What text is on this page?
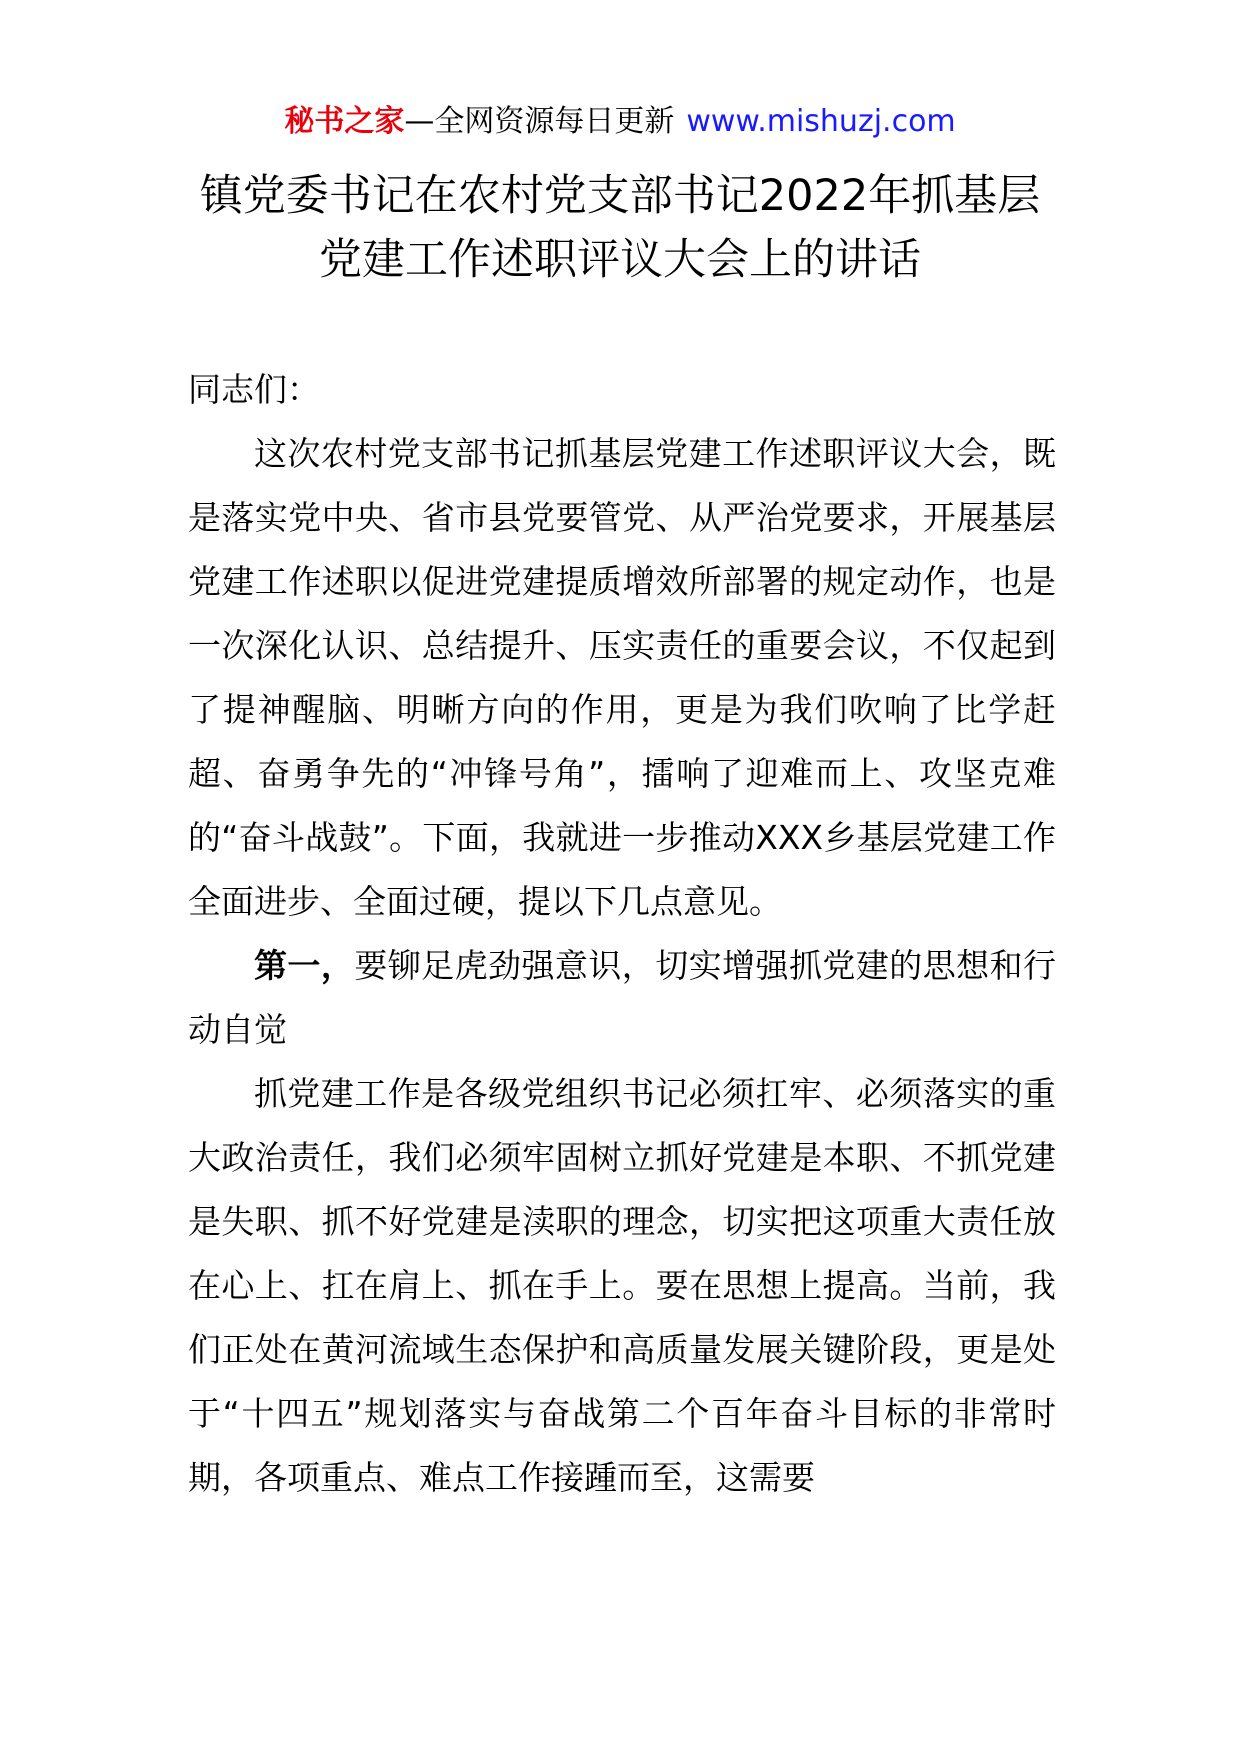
秘书之家—全网资源每日更新 www.mishuzj.com
镇党委书记在农村党支部书记2022年抓基层党建工作述职评议大会上的讲话

同志们：

这次农村党支部书记抓基层党建工作述职评议大会，既是落实党中央、省市县党要管党、从严治党要求，开展基层党建工作述职以促进党建提质增效所部署的规定动作，也是一次深化认识、总结提升、压实责任的重要会议，不仅起到了提神醒脑、明晰方向的作用，更是为我们吹响了比学赶超、奋勇争先的“冲锋号角”，擂响了迎难而上、攻坚克难的“奋斗战鼓”。下面，我就进一步推动XXX乡基层党建工作全面进步、全面过硬，提以下几点意见。

第一，要铆足虎劲强意识，切实增强抓党建的思想和行动自觉

抓党建工作是各级党组织书记必须扛牢、必须落实的重大政治责任，我们必须牢固树立抓好党建是本职、不抓党建是失职、抓不好党建是渎职的理念，切实把这项重大责任放在心上、扛在肩上、抓在手上。要在思想上提高。当前，我们正处在黄河流域生态保护和高质量发展关键阶段，更是处于“十四五”规划落实与奋战第二个百年奋斗目标的非常时期，各项重点、难点工作接踵而至，这需要
